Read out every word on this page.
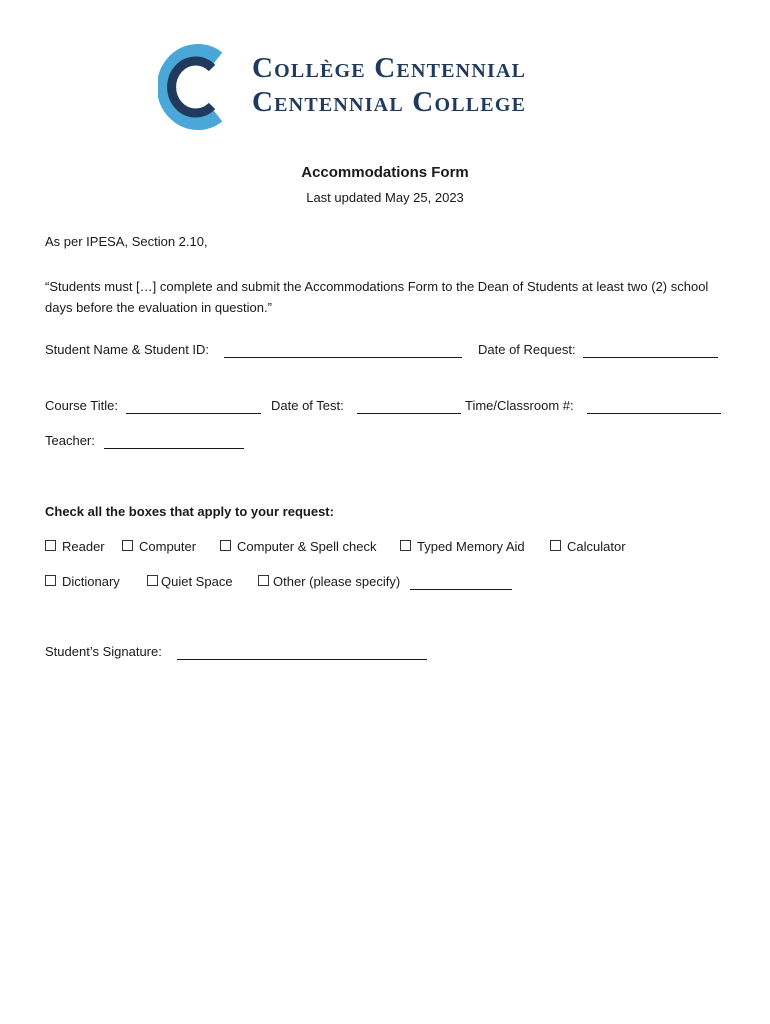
Collège Centennial
Centennial College
Accommodations Form
Last updated May 25, 2023
As per IPESA, Section 2.10,
“Students must […] complete and submit the Accommodations Form to the Dean of Students at least two (2) school days before the evaluation in question.”
Student Name & Student ID:	Date of Request:
Course Title:	Date of Test:	Time/Classroom #:
Teacher:
Check all the boxes that apply to your request:
Reader	Computer	Computer & Spell check	Typed Memory Aid	Calculator
Dictionary	Quiet Space	Other (please specify)
Student’s Signature:
